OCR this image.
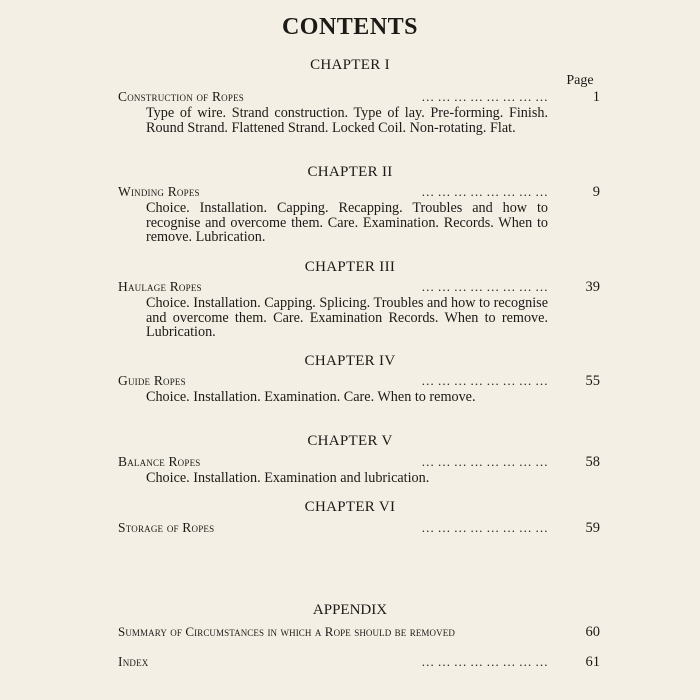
CONTENTS
Page
CHAPTER I
… … … … … … … …
Construction of Ropes	1
Type of wire. Strand construction. Type of lay. Pre-forming. Finish. Round Strand. Flattened Strand. Locked Coil. Non-rotating. Flat.
CHAPTER II
… … … … … … … …
Winding Ropes	9
Choice. Installation. Capping. Recapping. Troubles and how to recognise and overcome them. Care. Examination. Records. When to remove. Lubrication.
CHAPTER III
… … … … … … … …
Haulage Ropes	39
Choice. Installation. Capping. Splicing. Troubles and how to recognise and overcome them. Care. Examination Records. When to remove. Lubrication.
CHAPTER IV
… … … … … … … …
Guide Ropes	55
Choice. Installation. Examination. Care. When to remove.
CHAPTER V
… … … … … … … …
Balance Ropes	58
Choice. Installation. Examination and lubrication.
CHAPTER VI
… … … … … … … …
Storage of Ropes	59
APPENDIX
Summary of Circumstances in which a Rope should be removed	60
… … … … … … … …
Index	61
